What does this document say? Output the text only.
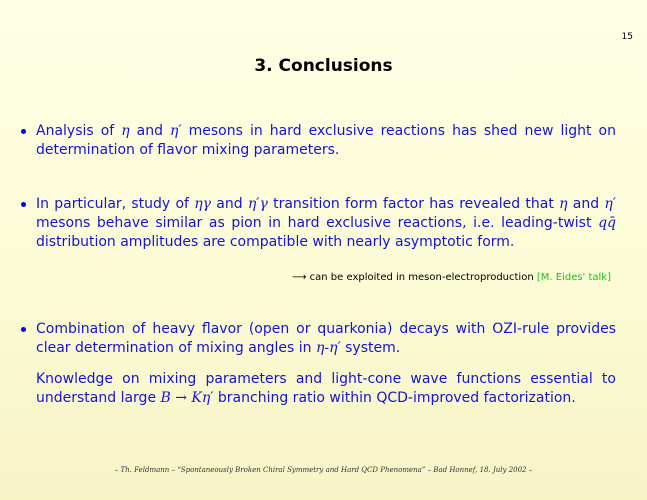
15
3. Conclusions

Analysis of η and η′ mesons in hard exclusive reactions has shed new light on determination of flavor mixing parameters.

In particular, study of ηγ and η′γ transition form factor has revealed that η and η′ mesons behave similar as pion in hard exclusive reactions, i.e. leading-twist qq̄ distribution amplitudes are compatible with nearly asymptotic form.

⟶ can be exploited in meson-electroproduction [M. Eides' talk]

Combination of heavy flavor (open or quarkonia) decays with OZI-rule provides clear determination of mixing angles in η-η′ system.

Knowledge on mixing parameters and light-cone wave functions essential to understand large B → Kη′ branching ratio within QCD-improved factorization.

– Th. Feldmann – “Spontaneously Broken Chiral Symmetry and Hard QCD Phenomena” – Bad Honnef, 18. July 2002 –
